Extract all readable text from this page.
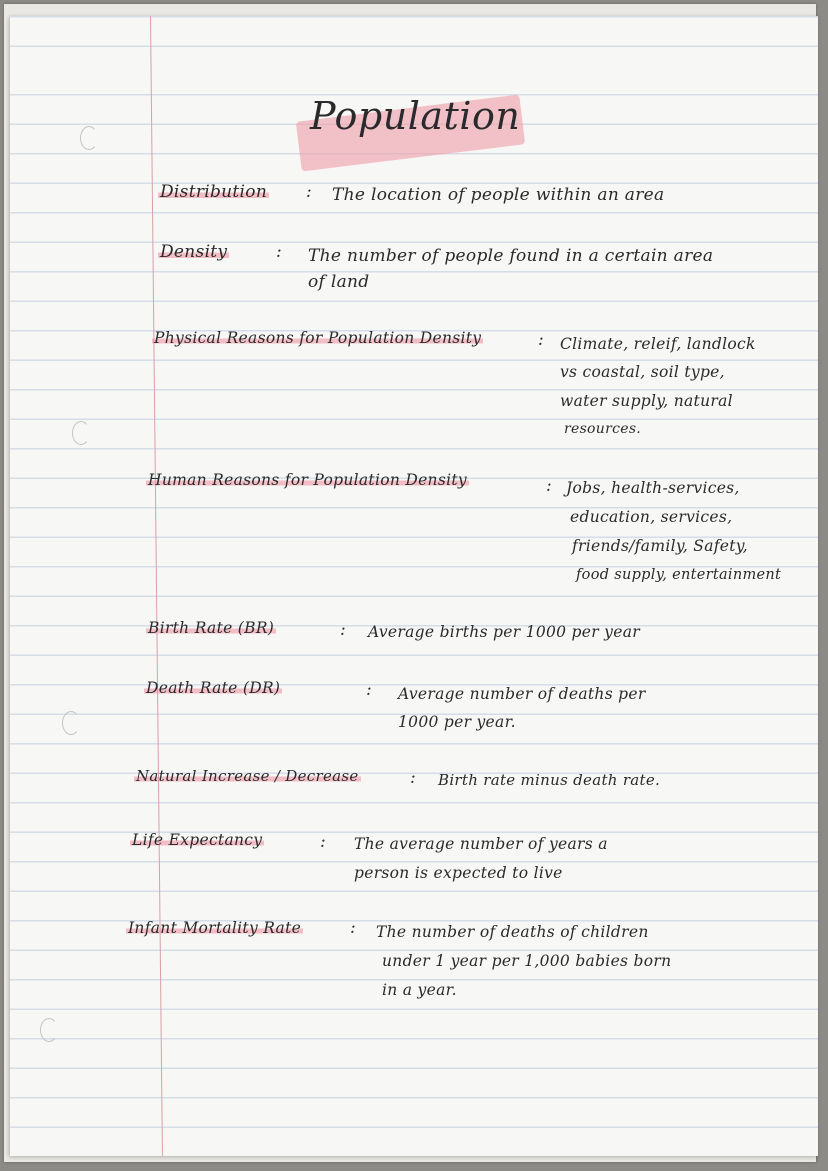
Population

Distribution : The location of people within an area

Density	: The number of people found in a certain area

of land

Physical Reasons for Population Density	: Climate, releif, landlock

vs coastal, soil type,

water supply, natural

resources.

Human Reasons for Population Density	: Jobs, health-services,

education, services,

friends/family, Safety,

food supply, entertainment

Birth Rate (BR)	: Average births per 1000 per year

Death Rate (DR)	: Average number of deaths per

1000 per year.

Natural Increase / Decrease	: Birth rate minus death rate.

Life Expectancy	: The average number of years a

person is expected to live

Infant Mortality Rate	: The number of deaths of children

under 1 year per 1,000 babies born

in a year.
